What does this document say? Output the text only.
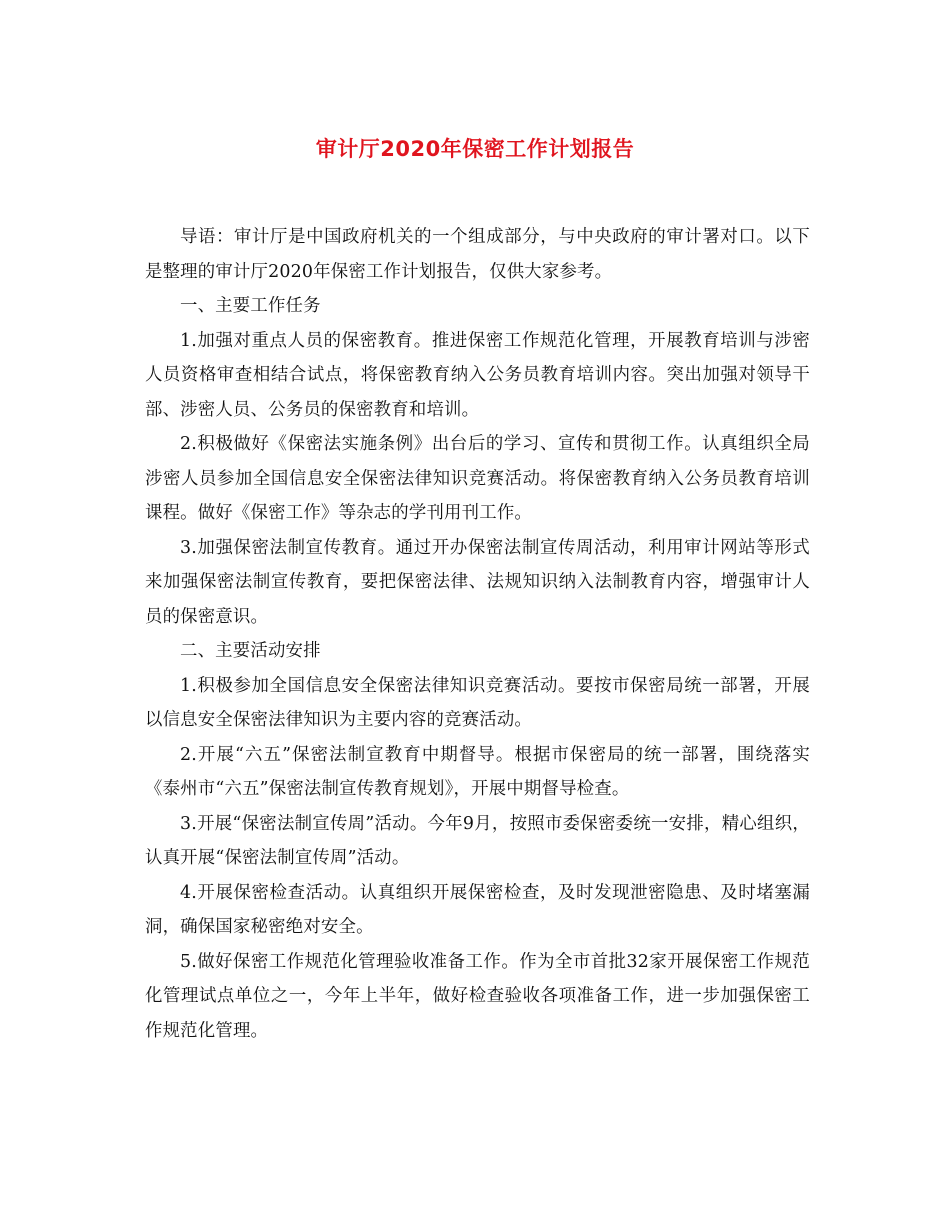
审计厅2020年保密工作计划报告

导语：审计厅是中国政府机关的一个组成部分，与中央政府的审计署对口。以下是整理的审计厅2020年保密工作计划报告，仅供大家参考。

一、主要工作任务

1.加强对重点人员的保密教育。推进保密工作规范化管理，开展教育培训与涉密人员资格审查相结合试点，将保密教育纳入公务员教育培训内容。突出加强对领导干部、涉密人员、公务员的保密教育和培训。

2.积极做好《保密法实施条例》出台后的学习、宣传和贯彻工作。认真组织全局涉密人员参加全国信息安全保密法律知识竞赛活动。将保密教育纳入公务员教育培训课程。做好《保密工作》等杂志的学刊用刊工作。

3.加强保密法制宣传教育。通过开办保密法制宣传周活动，利用审计网站等形式来加强保密法制宣传教育，要把保密法律、法规知识纳入法制教育内容，增强审计人员的保密意识。

二、主要活动安排

1.积极参加全国信息安全保密法律知识竞赛活动。要按市保密局统一部署，开展以信息安全保密法律知识为主要内容的竞赛活动。

2.开展“六五”保密法制宣教育中期督导。根据市保密局的统一部署，围绕落实《泰州市“六五”保密法制宣传教育规划》，开展中期督导检查。

3.开展“保密法制宣传周”活动。今年9月，按照市委保密委统一安排，精心组织，认真开展“保密法制宣传周”活动。

4.开展保密检查活动。认真组织开展保密检查，及时发现泄密隐患、及时堵塞漏洞，确保国家秘密绝对安全。

5.做好保密工作规范化管理验收准备工作。作为全市首批32家开展保密工作规范化管理试点单位之一，今年上半年，做好检查验收各项准备工作，进一步加强保密工作规范化管理。
